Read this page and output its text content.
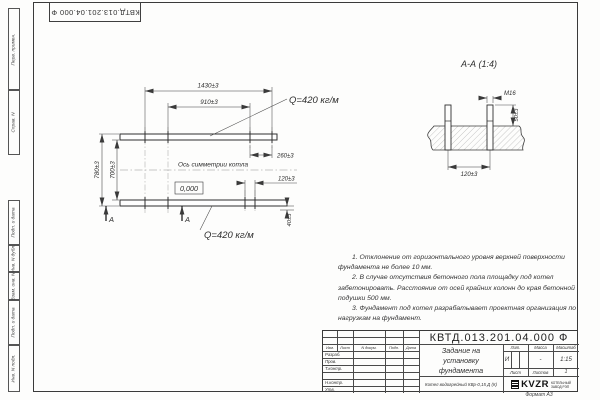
КВТД.013.201.04.000 Ф
Перв. примен.
Справ. N
Подп. и дата
Инв. N дубл.
Взам. инв. N
Подп. и дата
Инв. N подл.
1430±3
910±3
780±3 700±3
260±3
120±3
40±3
Ось симметрии котла
0,000
Q=420 кг/м
Q=420 кг/м
А	А
А-А (1:4)
М16
50±3
120±3

1. Отклонение от горизонтального уровня верхней поверхности фундамента не более 10 мм.

2. В случае отсутствия бетонного пола площадку под котел забетонировать. Расстояние от осей крайних колонн до края бетонной подушки 500 мм.

3. Фундамент под котел разрабатывает проектная организация по нагрузкам на фундамент.

КВТД.013.201.04.000 Ф
Изм.	Лист	N докум.	Подп.	Дата
Разраб.
Пров.
Т.контр.
Н.контр.
Утв.
Задание на
установку
фундамента
Лит.	Масса	Масштаб
И	-	1:15
Лист	Листов	1
Котел водогрейный КВр-0,15 Д (К)	KVZR КОТЕЛЬНЫЙ
ЗАВОД РЭП
Формат А3
